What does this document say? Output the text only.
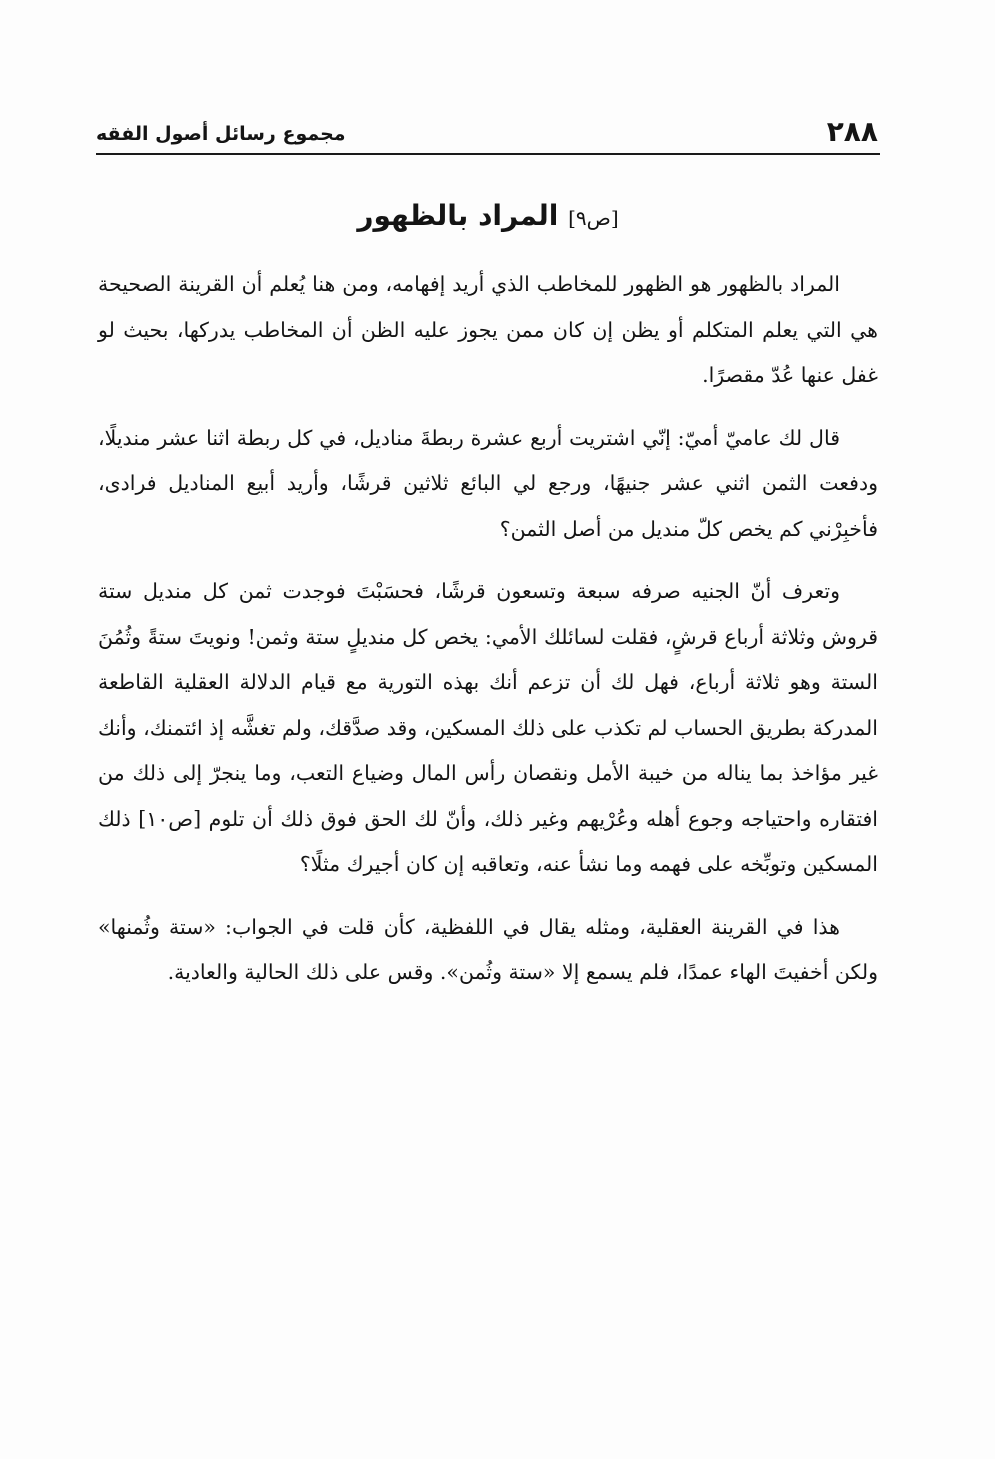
٢٨٨
مجموع رسائل أصول الفقه
[ص٩] المراد بالظهور

المراد بالظهور هو الظهور للمخاطب الذي أريد إفهامه، ومن هنا يُعلم أن القرينة الصحيحة هي التي يعلم المتكلم أو يظن إن كان ممن يجوز عليه الظن أن المخاطب يدركها، بحيث لو غفل عنها عُدّ مقصرًا.

قال لك عاميّ أميّ: إنّي اشتريت أربع عشرة ربطةَ مناديل، في كل ربطة اثنا عشر منديلًا، ودفعت الثمن اثني عشر جنيهًا، ورجع لي البائع ثلاثين قرشًا، وأريد أبيع المناديل فرادى، فأخبِرْني كم يخص كلّ منديل من أصل الثمن؟

وتعرف أنّ الجنيه صرفه سبعة وتسعون قرشًا، فحسَبْتَ فوجدت ثمن كل منديل ستة قروش وثلاثة أرباع قرشٍ، فقلت لسائلك الأمي: يخص كل منديلٍ ستة وثمن! ونويتَ ستةً وثُمُنَ الستة وهو ثلاثة أرباع، فهل لك أن تزعم أنك بهذه التورية مع قيام الدلالة العقلية القاطعة المدركة بطريق الحساب لم تكذب على ذلك المسكين، وقد صدَّقك، ولم تغشَّه إذ ائتمنك، وأنك غير مؤاخذ بما يناله من خيبة الأمل ونقصان رأس المال وضياع التعب، وما ينجرّ إلى ذلك من افتقاره واحتياجه وجوع أهله وعُرْيهم وغير ذلك، وأنّ لك الحق فوق ذلك أن تلوم [ص١٠] ذلك المسكين وتوبِّخه على فهمه وما نشأ عنه، وتعاقبه إن كان أجيرك مثلًا؟

هذا في القرينة العقلية، ومثله يقال في اللفظية، كأن قلت في الجواب: «ستة وثُمنها» ولكن أخفيتَ الهاء عمدًا، فلم يسمع إلا «ستة وثُمن». وقس على ذلك الحالية والعادية.
